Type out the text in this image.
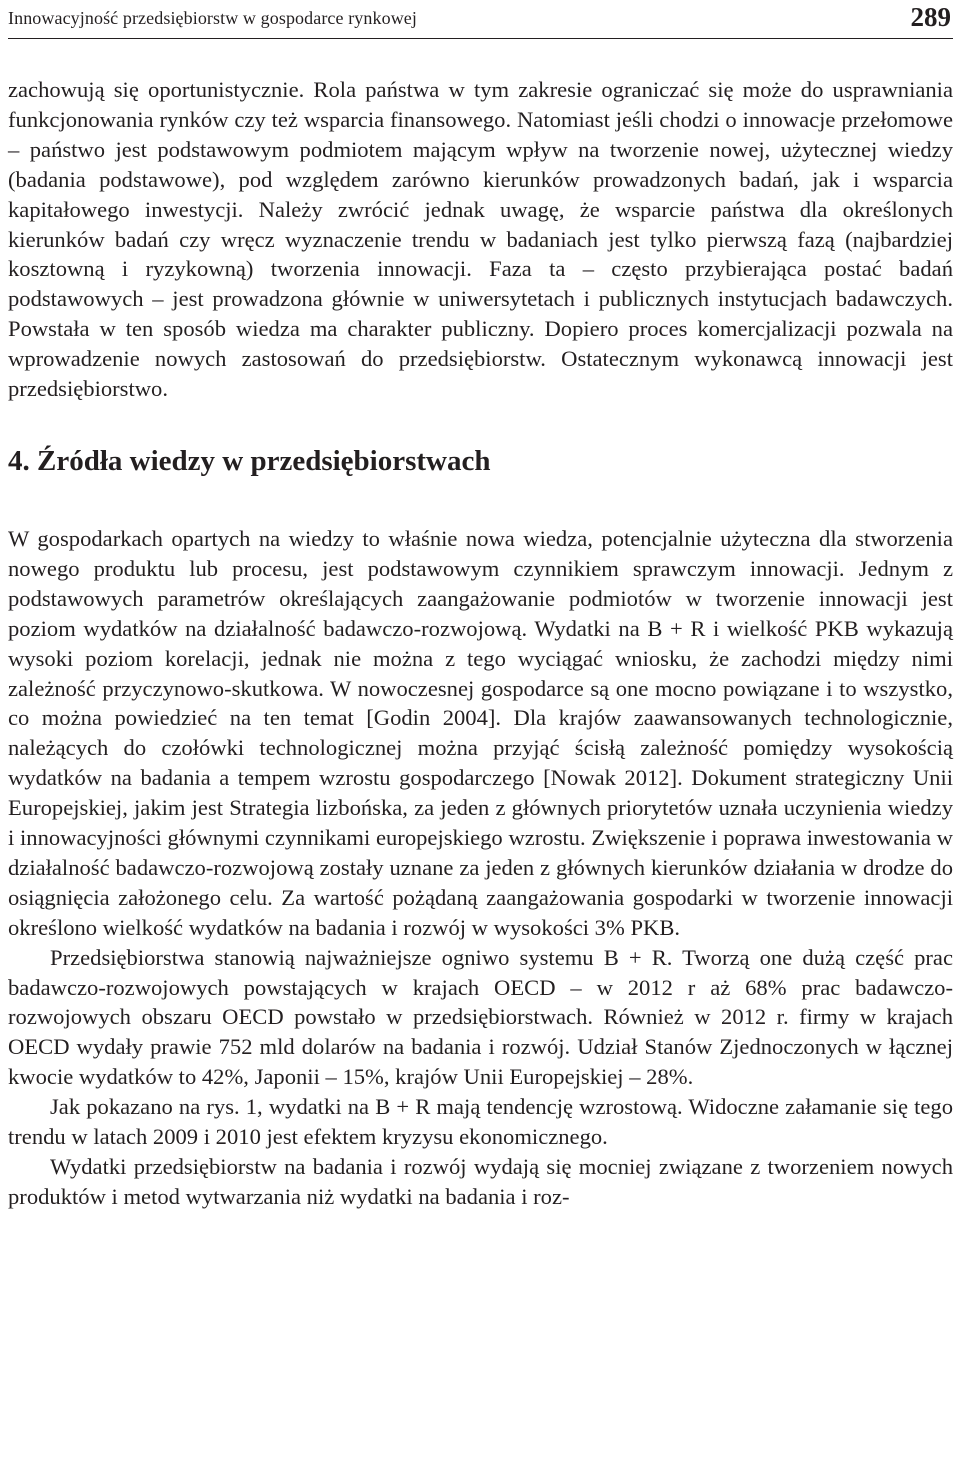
Innowacyjność przedsiębiorstw w gospodarce rynkowej	289

zachowują się oportunistycznie. Rola państwa w tym zakresie ograniczać się może do usprawniania funkcjonowania rynków czy też wsparcia finansowego. Natomiast jeśli chodzi o innowacje przełomowe – państwo jest podstawowym podmiotem mającym wpływ na tworzenie nowej, użytecznej wiedzy (badania podstawowe), pod względem zarówno kierunków prowadzonych badań, jak i wsparcia kapitałowego inwestycji. Należy zwrócić jednak uwagę, że wsparcie państwa dla określonych kierunków badań czy wręcz wyznaczenie trendu w badaniach jest tylko pierwszą fazą (najbardziej kosztowną i ryzykowną) tworzenia innowacji. Faza ta – często przybierająca postać badań podstawowych – jest prowadzona głównie w uniwersytetach i publicznych instytucjach badawczych. Powstała w ten sposób wiedza ma charakter publiczny. Dopiero proces komercjalizacji pozwala na wprowadzenie nowych zastosowań do przedsiębiorstw. Ostatecznym wykonawcą innowacji jest przedsiębiorstwo.

4. Źródła wiedzy w przedsiębiorstwach

W gospodarkach opartych na wiedzy to właśnie nowa wiedza, potencjalnie użyteczna dla stworzenia nowego produktu lub procesu, jest podstawowym czynnikiem sprawczym innowacji. Jednym z podstawowych parametrów określających zaangażowanie podmiotów w tworzenie innowacji jest poziom wydatków na działalność badawczo-rozwojową. Wydatki na B + R i wielkość PKB wykazują wysoki poziom korelacji, jednak nie można z tego wyciągać wniosku, że zachodzi między nimi zależność przyczynowo-skutkowa. W nowoczesnej gospodarce są one mocno powiązane i to wszystko, co można powiedzieć na ten temat [Godin 2004]. Dla krajów zaawansowanych technologicznie, należących do czołówki technologicznej można przyjąć ścisłą zależność pomiędzy wysokością wydatków na badania a tempem wzrostu gospodarczego [Nowak 2012]. Dokument strategiczny Unii Europejskiej, jakim jest Strategia lizbońska, za jeden z głównych priorytetów uznała uczynienia wiedzy i innowacyjności głównymi czynnikami europejskiego wzrostu. Zwiększenie i poprawa inwestowania w działalność badawczo-rozwojową zostały uznane za jeden z głównych kierunków działania w drodze do osiągnięcia założonego celu. Za wartość pożądaną zaangażowania gospodarki w tworzenie innowacji określono wielkość wydatków na badania i rozwój w wysokości 3% PKB.

Przedsiębiorstwa stanowią najważniejsze ogniwo systemu B + R. Tworzą one dużą część prac badawczo-rozwojowych powstających w krajach OECD – w 2012 r aż 68% prac badawczo-rozwojowych obszaru OECD powstało w przedsiębiorstwach. Również w 2012 r. firmy w krajach OECD wydały prawie 752 mld dolarów na badania i rozwój. Udział Stanów Zjednoczonych w łącznej kwocie wydatków to 42%, Japonii – 15%, krajów Unii Europejskiej – 28%.

Jak pokazano na rys. 1, wydatki na B + R mają tendencję wzrostową. Widoczne załamanie się tego trendu w latach 2009 i 2010 jest efektem kryzysu ekonomicznego.

Wydatki przedsiębiorstw na badania i rozwój wydają się mocniej związane z tworzeniem nowych produktów i metod wytwarzania niż wydatki na badania i roz-
